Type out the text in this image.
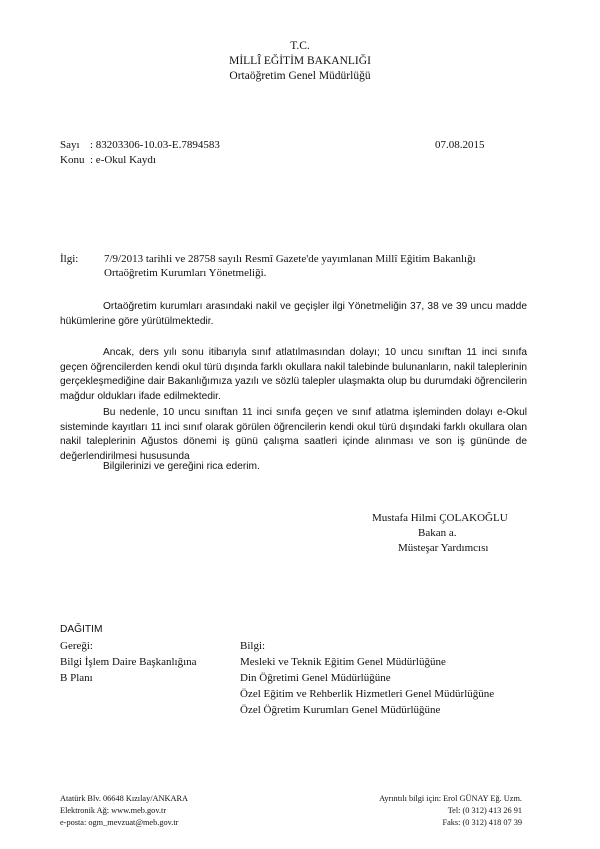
T.C.
MİLLÎ EĞİTİM BAKANLIĞI
Ortaöğretim Genel Müdürlüğü
Sayı : 83203306-10.03-E.7894583	07.08.2015
Konu : e-Okul Kaydı
İlgi: 7/9/2013 tarihli ve 28758 sayılı Resmî Gazete'de yayımlanan Millî Eğitim Bakanlığı
Ortaöğretim Kurumları Yönetmeliği.
Ortaöğretim kurumları arasındaki nakil ve geçişler ilgi Yönetmeliğin 37, 38 ve 39 uncu madde hükümlerine göre yürütülmektedir.
Ancak, ders yılı sonu itibarıyla sınıf atlatılmasından dolayı; 10 uncu sınıftan 11 inci sınıfa geçen öğrencilerden kendi okul türü dışında farklı okullara nakil talebinde bulunanların, nakil taleplerinin gerçekleşmediğine dair Bakanlığımıza yazılı ve sözlü talepler ulaşmakta olup bu durumdaki öğrencilerin mağdur oldukları ifade edilmektedir.
Bu nedenle, 10 uncu sınıftan 11 inci sınıfa geçen ve sınıf atlatma işleminden dolayı e-Okul sisteminde kayıtları 11 inci sınıf olarak görülen öğrencilerin kendi okul türü dışındaki farklı okullara olan nakil taleplerinin Ağustos dönemi iş günü çalışma saatleri içinde alınması ve son iş gününde de değerlendirilmesi hususunda
Bilgilerinizi ve gereğini rica ederim.
Mustafa Hilmi ÇOLAKOĞLU
Bakan a.
Müsteşar Yardımcısı
DAĞITIM
Gereği:
Bilgi İşlem Daire Başkanlığına
B Planı
Bilgi:
Mesleki ve Teknik Eğitim Genel Müdürlüğüne
Din Öğretimi Genel Müdürlüğüne
Özel Eğitim ve Rehberlik Hizmetleri Genel Müdürlüğüne
Özel Öğretim Kurumları Genel Müdürlüğüne
Atatürk Blv. 06648 Kızılay/ANKARA
Elektronik Ağ: www.meb.gov.tr
e-posta: ogm_mevzuat@meb.gov.tr
Ayrıntılı bilgi için: Erol GÜNAY Eğ. Uzm.
Tel: (0 312) 413 26 91
Faks: (0 312) 418 07 39
